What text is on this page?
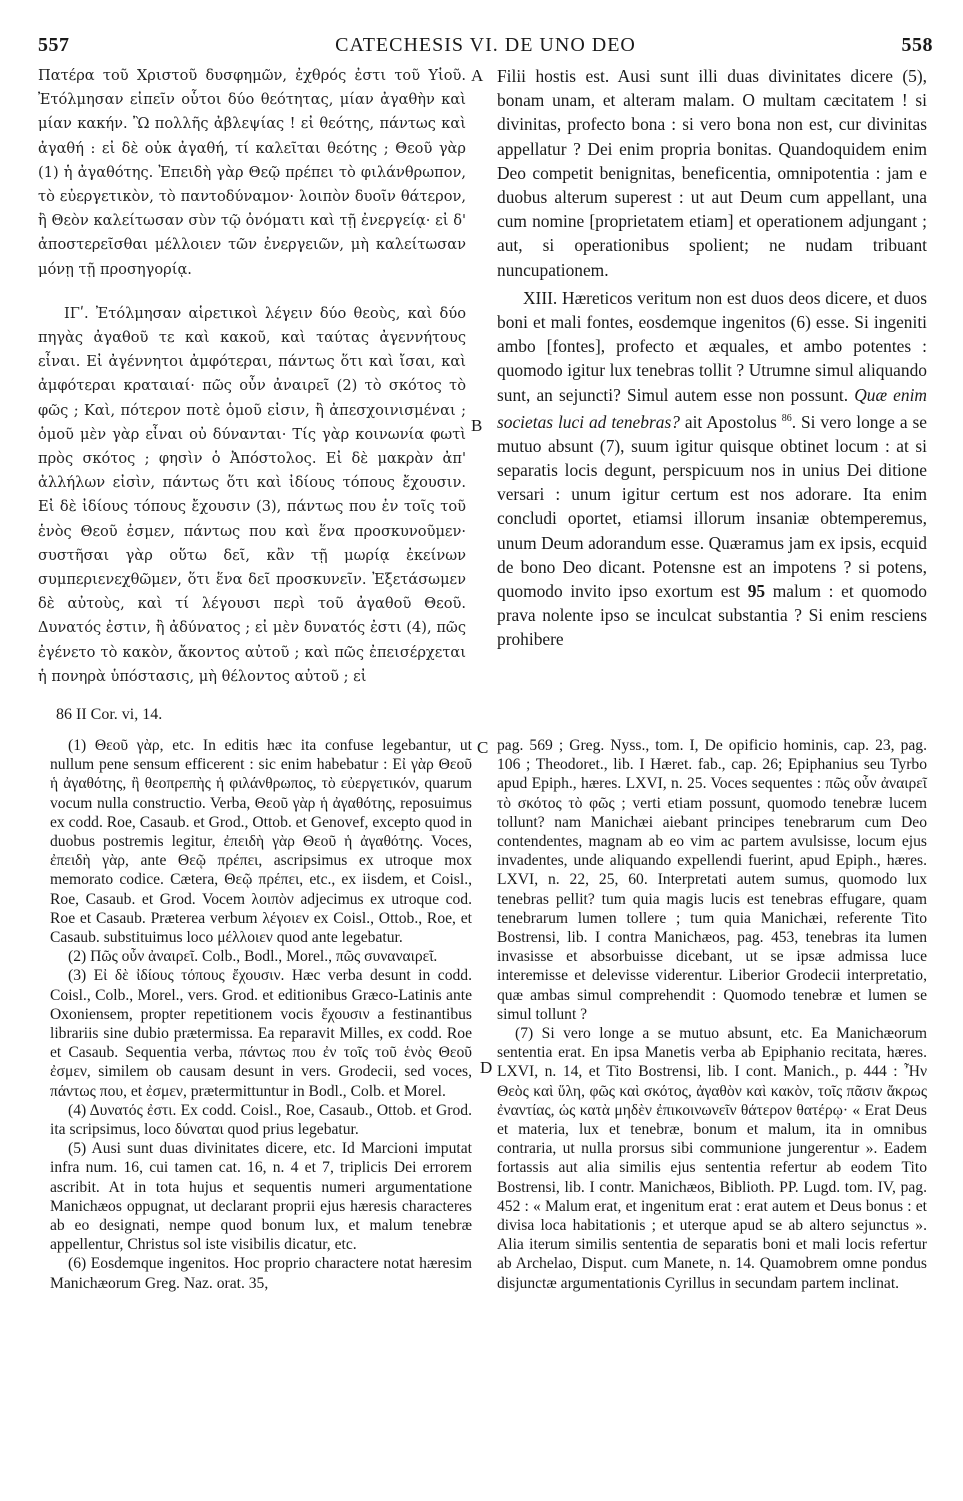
557	CATECHESIS VI. DE UNO DEO	558

Πατέρα τοῦ Χριστοῦ δυσφημῶν, ἐχθρός ἐστι τοῦ Υἱοῦ. Ἐτόλμησαν εἰπεῖν οὗτοι δύο θεότητας, μίαν ἀγαθὴν καὶ μίαν κακήν. Ὢ πολλῆς ἀβλεψίας ! εἰ θεότης, πάντως καὶ ἀγαθή : εἰ δὲ οὐκ ἀγαθή, τί καλεῖται θεότης ; Θεοῦ γὰρ (1) ἡ ἀγαθότης. Ἐπειδὴ γὰρ Θεῷ πρέπει τὸ φιλάνθρωπον, τὸ εὐεργετικὸν, τὸ παντοδύναμον· λοιπὸν δυοῖν θάτερον, ἢ Θεὸν καλείτωσαν σὺν τῷ ὀνόματι καὶ τῇ ἐνεργείᾳ· εἰ δ' ἀποστερεῖσθαι μέλλοιεν τῶν ἐνεργειῶν, μὴ καλείτωσαν μόνῃ τῇ προσηγορίᾳ.

ΙΓʹ. Ἐτόλμησαν αἱρετικοὶ λέγειν δύο θεοὺς, καὶ δύο πηγὰς ἀγαθοῦ τε καὶ κακοῦ, καὶ ταύτας ἀγεννήτους εἶναι. Εἰ ἀγέννητοι ἀμφότεραι, πάντως ὅτι καὶ ἴσαι, καὶ ἀμφότεραι κραταιαί· πῶς οὖν ἀναιρεῖ (2) τὸ σκότος τὸ φῶς ; Καὶ, πότερον ποτὲ ὁμοῦ εἰσιν, ἢ ἀπεσχοινισμέναι ; ὁμοῦ μὲν γὰρ εἶναι οὐ δύνανται· Τίς γὰρ κοινωνία φωτὶ πρὸς σκότος ; φησὶν ὁ Ἀπόστολος. Εἰ δὲ μακρὰν ἀπ' ἀλλήλων εἰσὶν, πάντως ὅτι καὶ ἰδίους τόπους ἔχουσιν. Εἰ δὲ ἰδίους τόπους ἔχουσιν (3), πάντως που ἐν τοῖς τοῦ ἑνὸς Θεοῦ ἐσμεν, πάντως που καὶ ἕνα προσκυνοῦμεν· συστῆσαι γὰρ οὕτω δεῖ, κἂν τῇ μωρίᾳ ἐκείνων συμπεριενεχθῶμεν, ὅτι ἕνα δεῖ προσκυνεῖν. Ἐξετάσωμεν δὲ αὐτοὺς, καὶ τί λέγουσι περὶ τοῦ ἀγαθοῦ Θεοῦ. Δυνατός ἐστιν, ἢ ἀδύνατος ; εἰ μὲν δυνατός ἐστι (4), πῶς ἐγένετο τὸ κακὸν, ἄκοντος αὐτοῦ ; καὶ πῶς ἐπεισέρχεται ἡ πονηρὰ ὑπόστασις, μὴ θέλοντος αὐτοῦ ; εἰ

A
B
C
D

Filii hostis est. Ausi sunt illi duas divinitates dicere (5), bonam unam, et alteram malam. O multam cæcitatem ! si divinitas, profecto bona : si vero bona non est, cur divinitas appellatur ? Dei enim propria bonitas. Quandoquidem enim Deo competit benignitas, beneficentia, omnipotentia : jam e duobus alterum superest : ut aut Deum cum appellant, una cum nomine [proprietatem etiam] et operationem adjungant ; aut, si operationibus spolient; ne nudam tribuant nuncupationem.

XIII. Hæreticos veritum non est duos deos dicere, et duos boni et mali fontes, eosdemque ingenitos (6) esse. Si ingeniti ambo [fontes], profecto et æquales, et ambo potentes : quomodo igitur lux tenebras tollit ? Utrumne simul aliquando sunt, an sejuncti? Simul autem esse non possunt. Quæ enim societas luci ad tenebras? ait Apostolus $^{86}$. Si vero longe a se mutuo absunt (7), suum igitur quisque obtinet locum : at si separatis locis degunt, perspicuum nos in unius Dei ditione versari : unum igitur certum est nos adorare. Ita enim concludi oportet, etiamsi illorum insaniæ obtemperemus, unum Deum adorandum esse. Quæramus jam ex ipsis, ecquid de bono Deo dicant. Potensne est an impotens ? si potens, quomodo invito ipso exortum est 95 malum : et quomodo prava nolente ipso se inculcat substantia ? Si enim resciens prohibere

86 II Cor. vi, 14.

(1) Θεοῦ γὰρ, etc. In editis hæc ita confuse legebantur, ut nullum pene sensum efficerent : sic enim habebatur : Εἰ γὰρ Θεοῦ ἡ ἀγαθότης, ἢ θεοπρεπὴς ἡ φιλάνθρωπος, τὸ εὐεργετικόν, quarum vocum nulla constructio. Verba, Θεοῦ γὰρ ἡ ἀγαθότης, reposuimus ex codd. Roe, Casaub. et Grod., Ottob. et Genovef, excepto quod in duobus postremis legitur, ἐπειδὴ γὰρ Θεοῦ ἡ ἀγαθότης. Voces, ἐπειδὴ γὰρ, ante Θεῷ πρέπει, ascripsimus ex utroque mox memorato codice. Cætera, Θεῷ πρέπει, etc., ex iisdem, et Coisl., Roe, Casaub. et Grod. Vocem λοιπὸν adjecimus ex utroque cod. Roe et Casaub. Præterea verbum λέγοιεν ex Coisl., Ottob., Roe, et Casaub. substituimus loco μέλλοιεν quod ante legebatur.

(2) Πῶς οὖν ἀναιρεῖ. Colb., Bodl., Morel., πῶς συναναιρεῖ.

(3) Εἰ δὲ ἰδίους τόπους ἔχουσιν. Hæc verba desunt in codd. Coisl., Colb., Morel., vers. Grod. et editionibus Græco-Latinis ante Oxoniensem, propter repetitionem vocis ἔχουσιν a festinantibus librariis sine dubio prætermissa. Ea reparavit Milles, ex codd. Roe et Casaub. Sequentia verba, πάντως που ἐν τοῖς τοῦ ἑνὸς Θεοῦ ἐσμεν, similem ob causam desunt in vers. Grodecii, sed voces, πάντως που, et ἐσμεν, prætermittuntur in Bodl., Colb. et Morel.

(4) Δυνατός ἐστι. Ex codd. Coisl., Roe, Casaub., Ottob. et Grod. ita scripsimus, loco δύναται quod prius legebatur.

(5) Ausi sunt duas divinitates dicere, etc. Id Marcioni imputat infra num. 16, cui tamen cat. 16, n. 4 et 7, triplicis Dei errorem ascribit. At in tota hujus et sequentis numeri argumentatione Manichæos oppugnat, ut declarant proprii ejus hæresis characteres ab eo designati, nempe quod bonum lux, et malum tenebræ appellentur, Christus sol iste visibilis dicatur, etc.

(6) Eosdemque ingenitos. Hoc proprio charactere notat hæresim Manichæorum Greg. Naz. orat. 35,

pag. 569 ; Greg. Nyss., tom. I, De opificio hominis, cap. 23, pag. 106 ; Theodoret., lib. I Hæret. fab., cap. 26; Epiphanius seu Tyrbo apud Epiph., hæres. LXVI, n. 25. Voces sequentes : πῶς οὖν ἀναιρεῖ τὸ σκότος τὸ φῶς ; verti etiam possunt, quomodo tenebræ lucem tollunt? nam Manichæi aiebant principes tenebrarum cum Deo contendentes, magnam ab eo vim ac partem avulsisse, locum ejus invadentes, unde aliquando expellendi fuerint, apud Epiph., hæres. LXVI, n. 22, 25, 60. Interpretati autem sumus, quomodo lux tenebras pellit? tum quia magis lucis est tenebras effugare, quam tenebrarum lumen tollere ; tum quia Manichæi, referente Tito Bostrensi, lib. I contra Manichæos, pag. 453, tenebras ita lumen invasisse et absorbuisse dicebant, ut se ipsæ admissa luce interemisse et delevisse viderentur. Liberior Grodecii interpretatio, quæ ambas simul comprehendit : Quomodo tenebræ et lumen se simul tollunt ?

(7) Si vero longe a se mutuo absunt, etc. Ea Manichæorum sententia erat. En ipsa Manetis verba ab Epiphanio recitata, hæres. LXVI, n. 14, et Tito Bostrensi, lib. I cont. Manich., p. 444 : Ἦν Θεὸς καὶ ὕλη, φῶς καὶ σκότος, ἀγαθὸν καὶ κακὸν, τοῖς πᾶσιν ἄκρως ἐναντίας, ὡς κατὰ μηδὲν ἐπικοινωνεῖν θάτερον θατέρῳ· « Erat Deus et materia, lux et tenebræ, bonum et malum, ita in omnibus contraria, ut nulla prorsus sibi communione jungerentur ». Eadem fortassis aut alia similis ejus sententia refertur ab eodem Tito Bostrensi, lib. I contr. Manichæos, Biblioth. PP. Lugd. tom. IV, pag. 452 : « Malum erat, et ingenitum erat : erat autem et Deus bonus : et divisa loca habitationis ; et uterque apud se ab altero sejunctus ». Alia iterum similis sententia de separatis boni et mali locis refertur ab Archelao, Disput. cum Manete, n. 14. Quamobrem omne pondus disjunctæ argumentationis Cyrillus in secundam partem inclinat.
